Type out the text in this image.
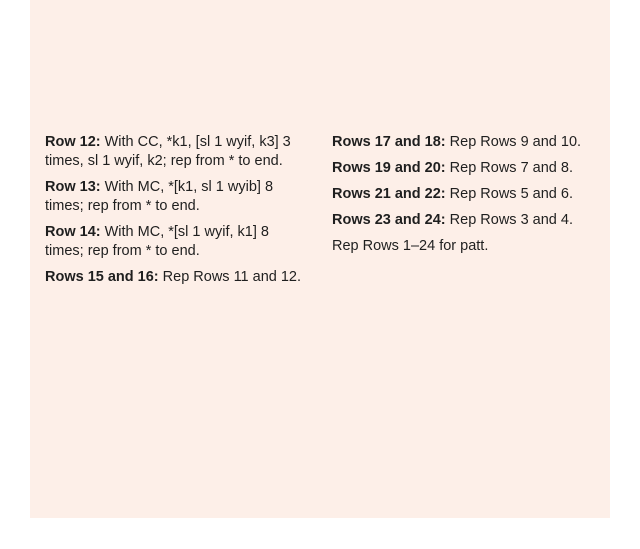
Row 12: With CC, *k1, [sl 1 wyif, k3] 3 times, sl 1 wyif, k2; rep from * to end.

Row 13: With MC, *[k1, sl 1 wyib] 8 times; rep from * to end.

Row 14: With MC, *[sl 1 wyif, k1] 8 times; rep from * to end.

Rows 15 and 16: Rep Rows 11 and 12.

Rows 17 and 18: Rep Rows 9 and 10.

Rows 19 and 20: Rep Rows 7 and 8.

Rows 21 and 22: Rep Rows 5 and 6.

Rows 23 and 24: Rep Rows 3 and 4.

Rep Rows 1–24 for patt.
